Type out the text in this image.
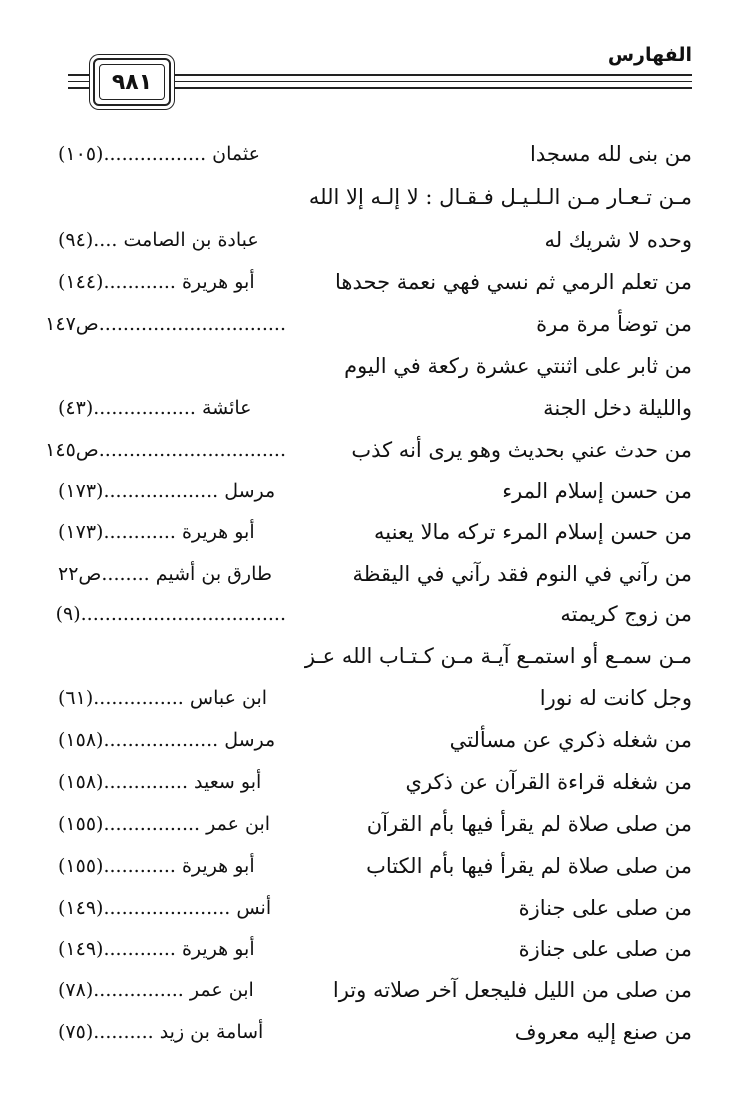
الفهارس
٩٨١
من بنى لله مسجدا
عثمان .................(١٠٥)
مـن تـعـار مـن الـلـيـل فـقـال : لا إلـه إلا الله
وحده لا شريك له
عبادة بن الصامت ....(٩٤)
من تعلم الرمي ثم نسي فهي نعمة جحدها
أبو هريرة ............(١٤٤)
من توضأ مرة مرة
...............................ص١٤٧
من ثابر على اثنتي عشرة ركعة في اليوم
والليلة دخل الجنة
عائشة .................(٤٣)
من حدث عني بحديث وهو يرى أنه كذب
...............................ص١٤٥
من حسن إسلام المرء
مرسل ...................(١٧٣)
من حسن إسلام المرء تركه مالا يعنيه
أبو هريرة ............(١٧٣)
من رآني في النوم فقد رآني في اليقظة
طارق بن أشيم ........ص٢٢
من زوج كريمته
..................................(٩)
مـن سمـع أو استمـع آيـة مـن كـتـاب الله عـز
وجل كانت له نورا
ابن عباس ...............(٦١)
من شغله ذكري عن مسألتي
مرسل ...................(١٥٨)
من شغله قراءة القرآن عن ذكري
أبو سعيد ..............(١٥٨)
من صلى صلاة لم يقرأ فيها بأم القرآن
ابن عمر ................(١٥٥)
من صلى صلاة لم يقرأ فيها بأم الكتاب
أبو هريرة ............(١٥٥)
من صلى على جنازة
أنس .....................(١٤٩)
من صلى على جنازة
أبو هريرة ............(١٤٩)
من صلى من الليل فليجعل آخر صلاته وترا
ابن عمر ...............(٧٨)
من صنع إليه معروف
أسامة بن زيد ..........(٧٥)
